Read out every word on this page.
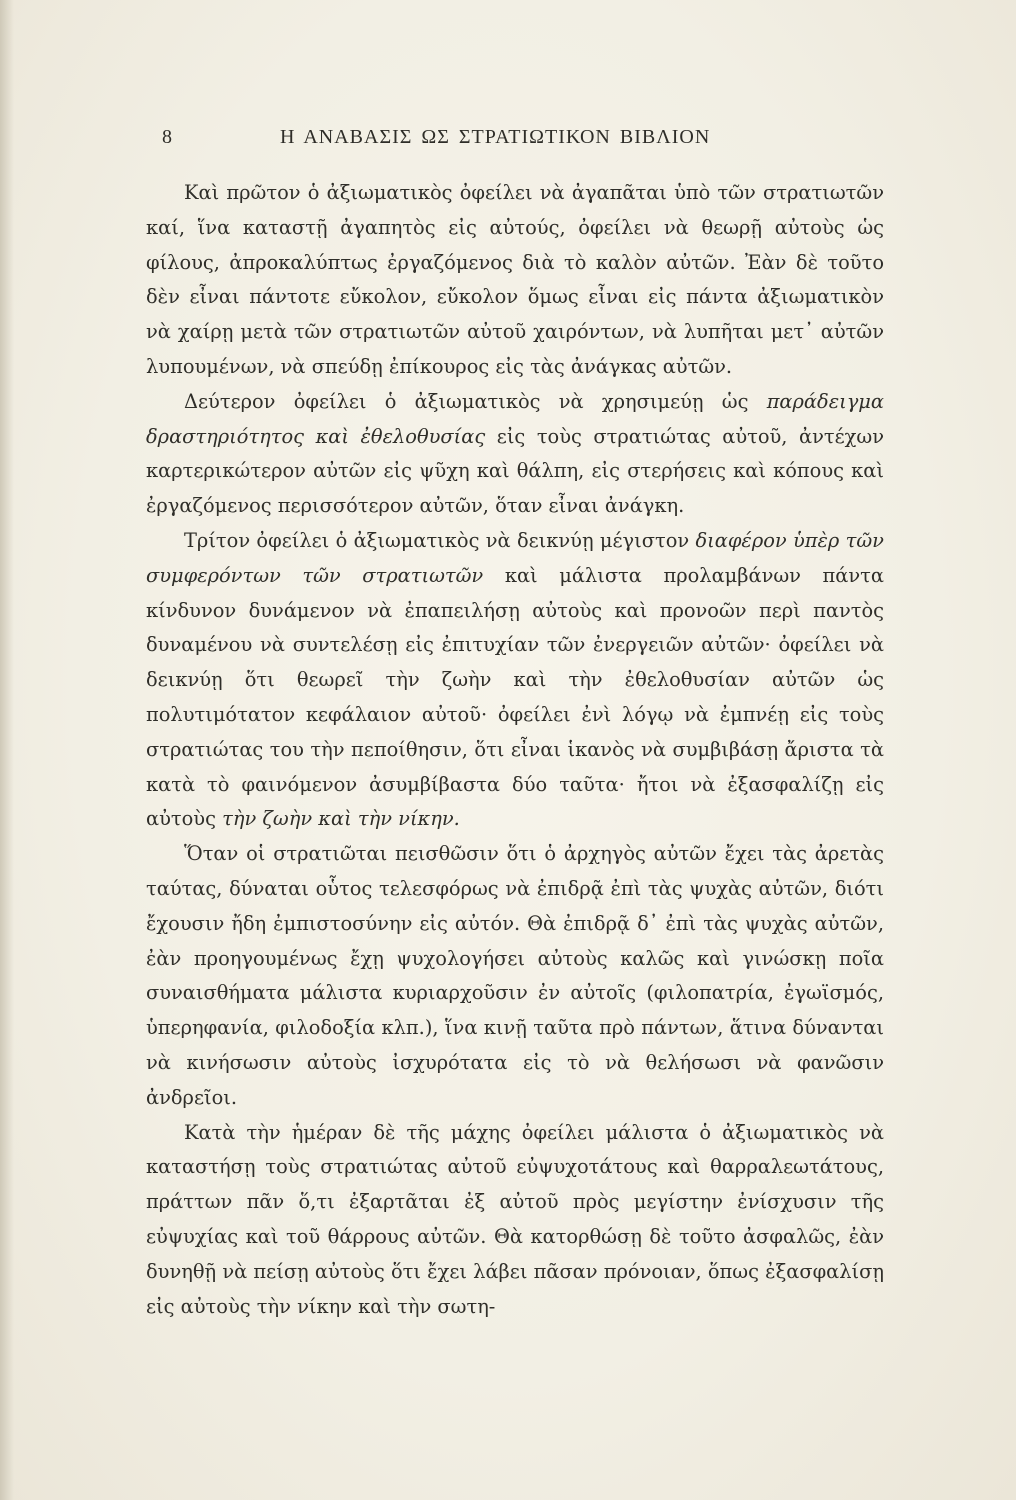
8	Η ΑΝΑΒΑΣΙΣ ΩΣ ΣΤΡΑΤΙΩΤΙΚΟΝ ΒΙΒΛΙΟΝ

Καὶ πρῶτον ὁ ἀξιωματικὸς ὀφείλει νὰ ἀγαπᾶται ὑπὸ τῶν στρατιωτῶν καί, ἵνα καταστῇ ἀγαπητὸς εἰς αὐτούς, ὀφείλει νὰ θεωρῇ αὐτοὺς ὡς φίλους, ἀπροκαλύπτως ἐργαζόμενος διὰ τὸ καλὸν αὐτῶν. Ἐὰν δὲ τοῦτο δὲν εἶναι πάντοτε εὔκολον, εὔκολον ὅμως εἶναι εἰς πάντα ἀξιωματικὸν νὰ χαίρῃ μετὰ τῶν στρατιωτῶν αὐτοῦ χαιρόντων, νὰ λυπῆται μετ᾽ αὐτῶν λυπουμένων, νὰ σπεύδῃ ἐπίκουρος εἰς τὰς ἀνάγκας αὐτῶν.

Δεύτερον ὀφείλει ὁ ἀξιωματικὸς νὰ χρησιμεύῃ ὡς παράδειγμα δραστηριότητος καὶ ἐθελοθυσίας εἰς τοὺς στρατιώτας αὐτοῦ, ἀντέχων καρτερικώτερον αὐτῶν εἰς ψῦχη καὶ θάλπη, εἰς στερήσεις καὶ κόπους καὶ ἐργαζόμενος περισσότερον αὐτῶν, ὅταν εἶναι ἀνάγκη.

Τρίτον ὀφείλει ὁ ἀξιωματικὸς νὰ δεικνύῃ μέγιστον διαφέρον ὑπὲρ τῶν συμφερόντων τῶν στρατιωτῶν καὶ μάλιστα προλαμβάνων πάντα κίνδυνον δυνάμενον νὰ ἐπαπειλήσῃ αὐτοὺς καὶ προνοῶν περὶ παντὸς δυναμένου νὰ συντελέσῃ εἰς ἐπιτυχίαν τῶν ἐνεργειῶν αὐτῶν· ὀφείλει νὰ δεικνύῃ ὅτι θεωρεῖ τὴν ζωὴν καὶ τὴν ἐθελοθυσίαν αὐτῶν ὡς πολυτιμότατον κεφάλαιον αὐτοῦ· ὀφείλει ἐνὶ λόγῳ νὰ ἐμπνέῃ εἰς τοὺς στρατιώτας του τὴν πεποίθησιν, ὅτι εἶναι ἱκανὸς νὰ συμβιβάσῃ ἄριστα τὰ κατὰ τὸ φαινόμενον ἀσυμβίβαστα δύο ταῦτα· ἤτοι νὰ ἐξασφαλίζῃ εἰς αὐτοὺς τὴν ζωὴν καὶ τὴν νίκην.

Ὅταν οἱ στρατιῶται πεισθῶσιν ὅτι ὁ ἀρχηγὸς αὐτῶν ἔχει τὰς ἀρετὰς ταύτας, δύναται οὗτος τελεσφόρως νὰ ἐπιδρᾷ ἐπὶ τὰς ψυχὰς αὐτῶν, διότι ἔχουσιν ἤδη ἐμπιστοσύνην εἰς αὐτόν. Θὰ ἐπιδρᾷ δ᾽ ἐπὶ τὰς ψυχὰς αὐτῶν, ἐὰν προηγουμένως ἔχῃ ψυχολογήσει αὐτοὺς καλῶς καὶ γινώσκῃ ποῖα συναισθήματα μάλιστα κυριαρχοῦσιν ἐν αὐτοῖς (φιλοπατρία, ἐγωϊσμός, ὑπερηφανία, φιλοδοξία κλπ.), ἵνα κινῇ ταῦτα πρὸ πάντων, ἅτινα δύνανται νὰ κινήσωσιν αὐτοὺς ἰσχυρότατα εἰς τὸ νὰ θελήσωσι νὰ φανῶσιν ἀνδρεῖοι.

Κατὰ τὴν ἡμέραν δὲ τῆς μάχης ὀφείλει μάλιστα ὁ ἀξιωματικὸς νὰ καταστήσῃ τοὺς στρατιώτας αὐτοῦ εὐψυχοτάτους καὶ θαρραλεωτάτους, πράττων πᾶν ὅ,τι ἐξαρτᾶται ἐξ αὐτοῦ πρὸς μεγίστην ἐνίσχυσιν τῆς εὐψυχίας καὶ τοῦ θάρρους αὐτῶν. Θὰ κατορθώσῃ δὲ τοῦτο ἀσφαλῶς, ἐὰν δυνηθῇ νὰ πείσῃ αὐτοὺς ὅτι ἔχει λάβει πᾶσαν πρόνοιαν, ὅπως ἐξασφαλίσῃ εἰς αὐτοὺς τὴν νίκην καὶ τὴν σωτη-
